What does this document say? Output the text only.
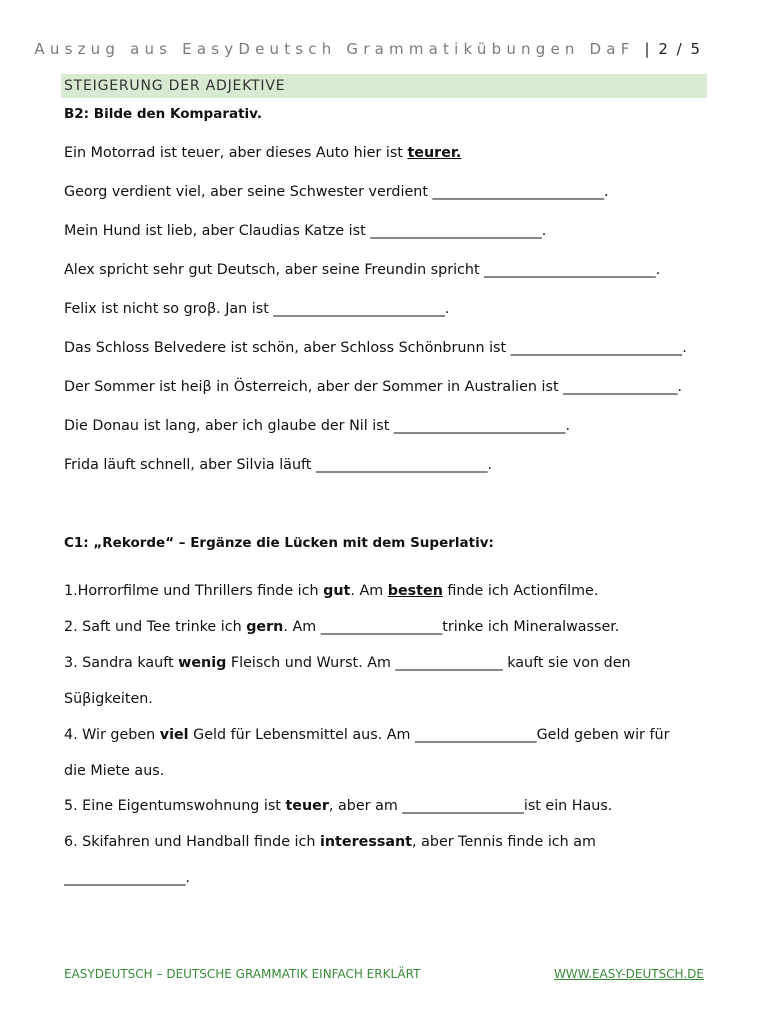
Auszug aus EasyDeutsch Grammatikübungen DaF | 2 / 5
STEIGERUNG DER ADJEKTIVE
B2: Bilde den Komparativ.
Ein Motorrad ist teuer, aber dieses Auto hier ist teurer.
Georg verdient viel, aber seine Schwester verdient ________________________.
Mein Hund ist lieb, aber Claudias Katze ist ________________________.
Alex spricht sehr gut Deutsch, aber seine Freundin spricht ________________________.
Felix ist nicht so groβ. Jan ist ________________________.
Das Schloss Belvedere ist schön, aber Schloss Schönbrunn ist ________________________.
Der Sommer ist heiβ in Österreich, aber der Sommer in Australien ist ________________.
Die Donau ist lang, aber ich glaube der Nil ist ________________________.
Frida läuft schnell, aber Silvia läuft ________________________.
C1: „Rekorde“ – Ergänze die Lücken mit dem Superlativ:
1.Horrorfilme und Thrillers finde ich gut. Am besten finde ich Actionfilme.
2. Saft und Tee trinke ich gern. Am _________________trinke ich Mineralwasser.
3. Sandra kauft wenig Fleisch und Wurst. Am _______________ kauft sie von den
Süβigkeiten.
4. Wir geben viel Geld für Lebensmittel aus. Am _________________Geld geben wir für
die Miete aus.
5. Eine Eigentumswohnung ist teuer, aber am _________________ist ein Haus.
6. Skifahren und Handball finde ich interessant, aber Tennis finde ich am
_________________.
EASYDEUTSCH – DEUTSCHE GRAMMATIK EINFACH ERKLÄRT	WWW.EASY-DEUTSCH.DE
